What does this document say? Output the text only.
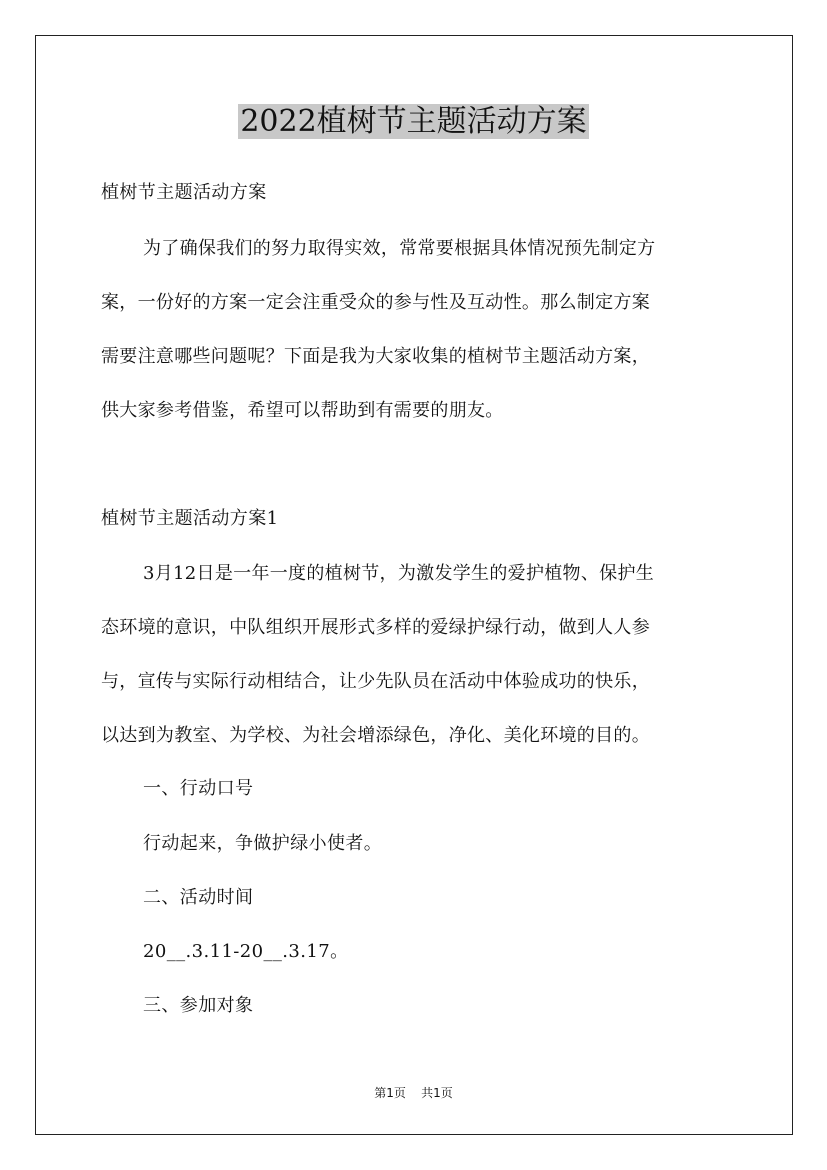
2022植树节主题活动方案
植树节主题活动方案
为了确保我们的努力取得实效，常常要根据具体情况预先制定方
案，一份好的方案一定会注重受众的参与性及互动性。那么制定方案
需要注意哪些问题呢？下面是我为大家收集的植树节主题活动方案，
供大家参考借鉴，希望可以帮助到有需要的朋友。
植树节主题活动方案1
3月12日是一年一度的植树节，为激发学生的爱护植物、保护生
态环境的意识，中队组织开展形式多样的爱绿护绿行动，做到人人参
与，宣传与实际行动相结合，让少先队员在活动中体验成功的快乐，
以达到为教室、为学校、为社会增添绿色，净化、美化环境的目的。
一、行动口号
行动起来，争做护绿小使者。
二、活动时间
20__.3.11-20__.3.17。
三、参加对象
第1页 共1页
